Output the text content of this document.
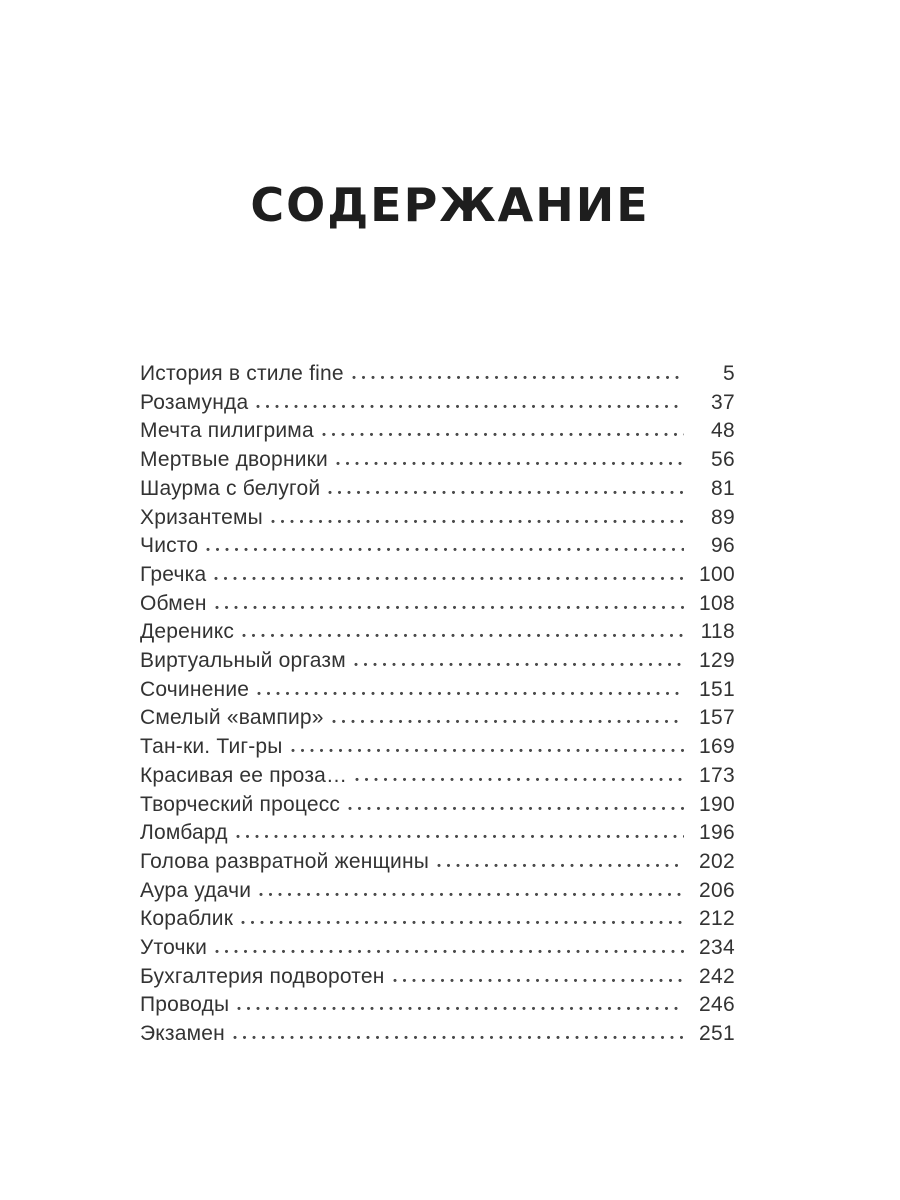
СОДЕРЖАНИЕ
История в стиле fine	5
Розамунда	37
Мечта пилигрима	48
Мертвые дворники	56
Шаурма с белугой	81
Хризантемы	89
Чисто	96
Гречка	100
Обмен	108
Дереникс	118
Виртуальный оргазм	129
Сочинение	151
Смелый «вампир»	157
Тан-ки. Тиг-ры	169
Красивая ее проза…	173
Творческий процесс	190
Ломбард	196
Голова развратной женщины	202
Аура удачи	206
Кораблик	212
Уточки	234
Бухгалтерия подворотен	242
Проводы	246
Экзамен	251
